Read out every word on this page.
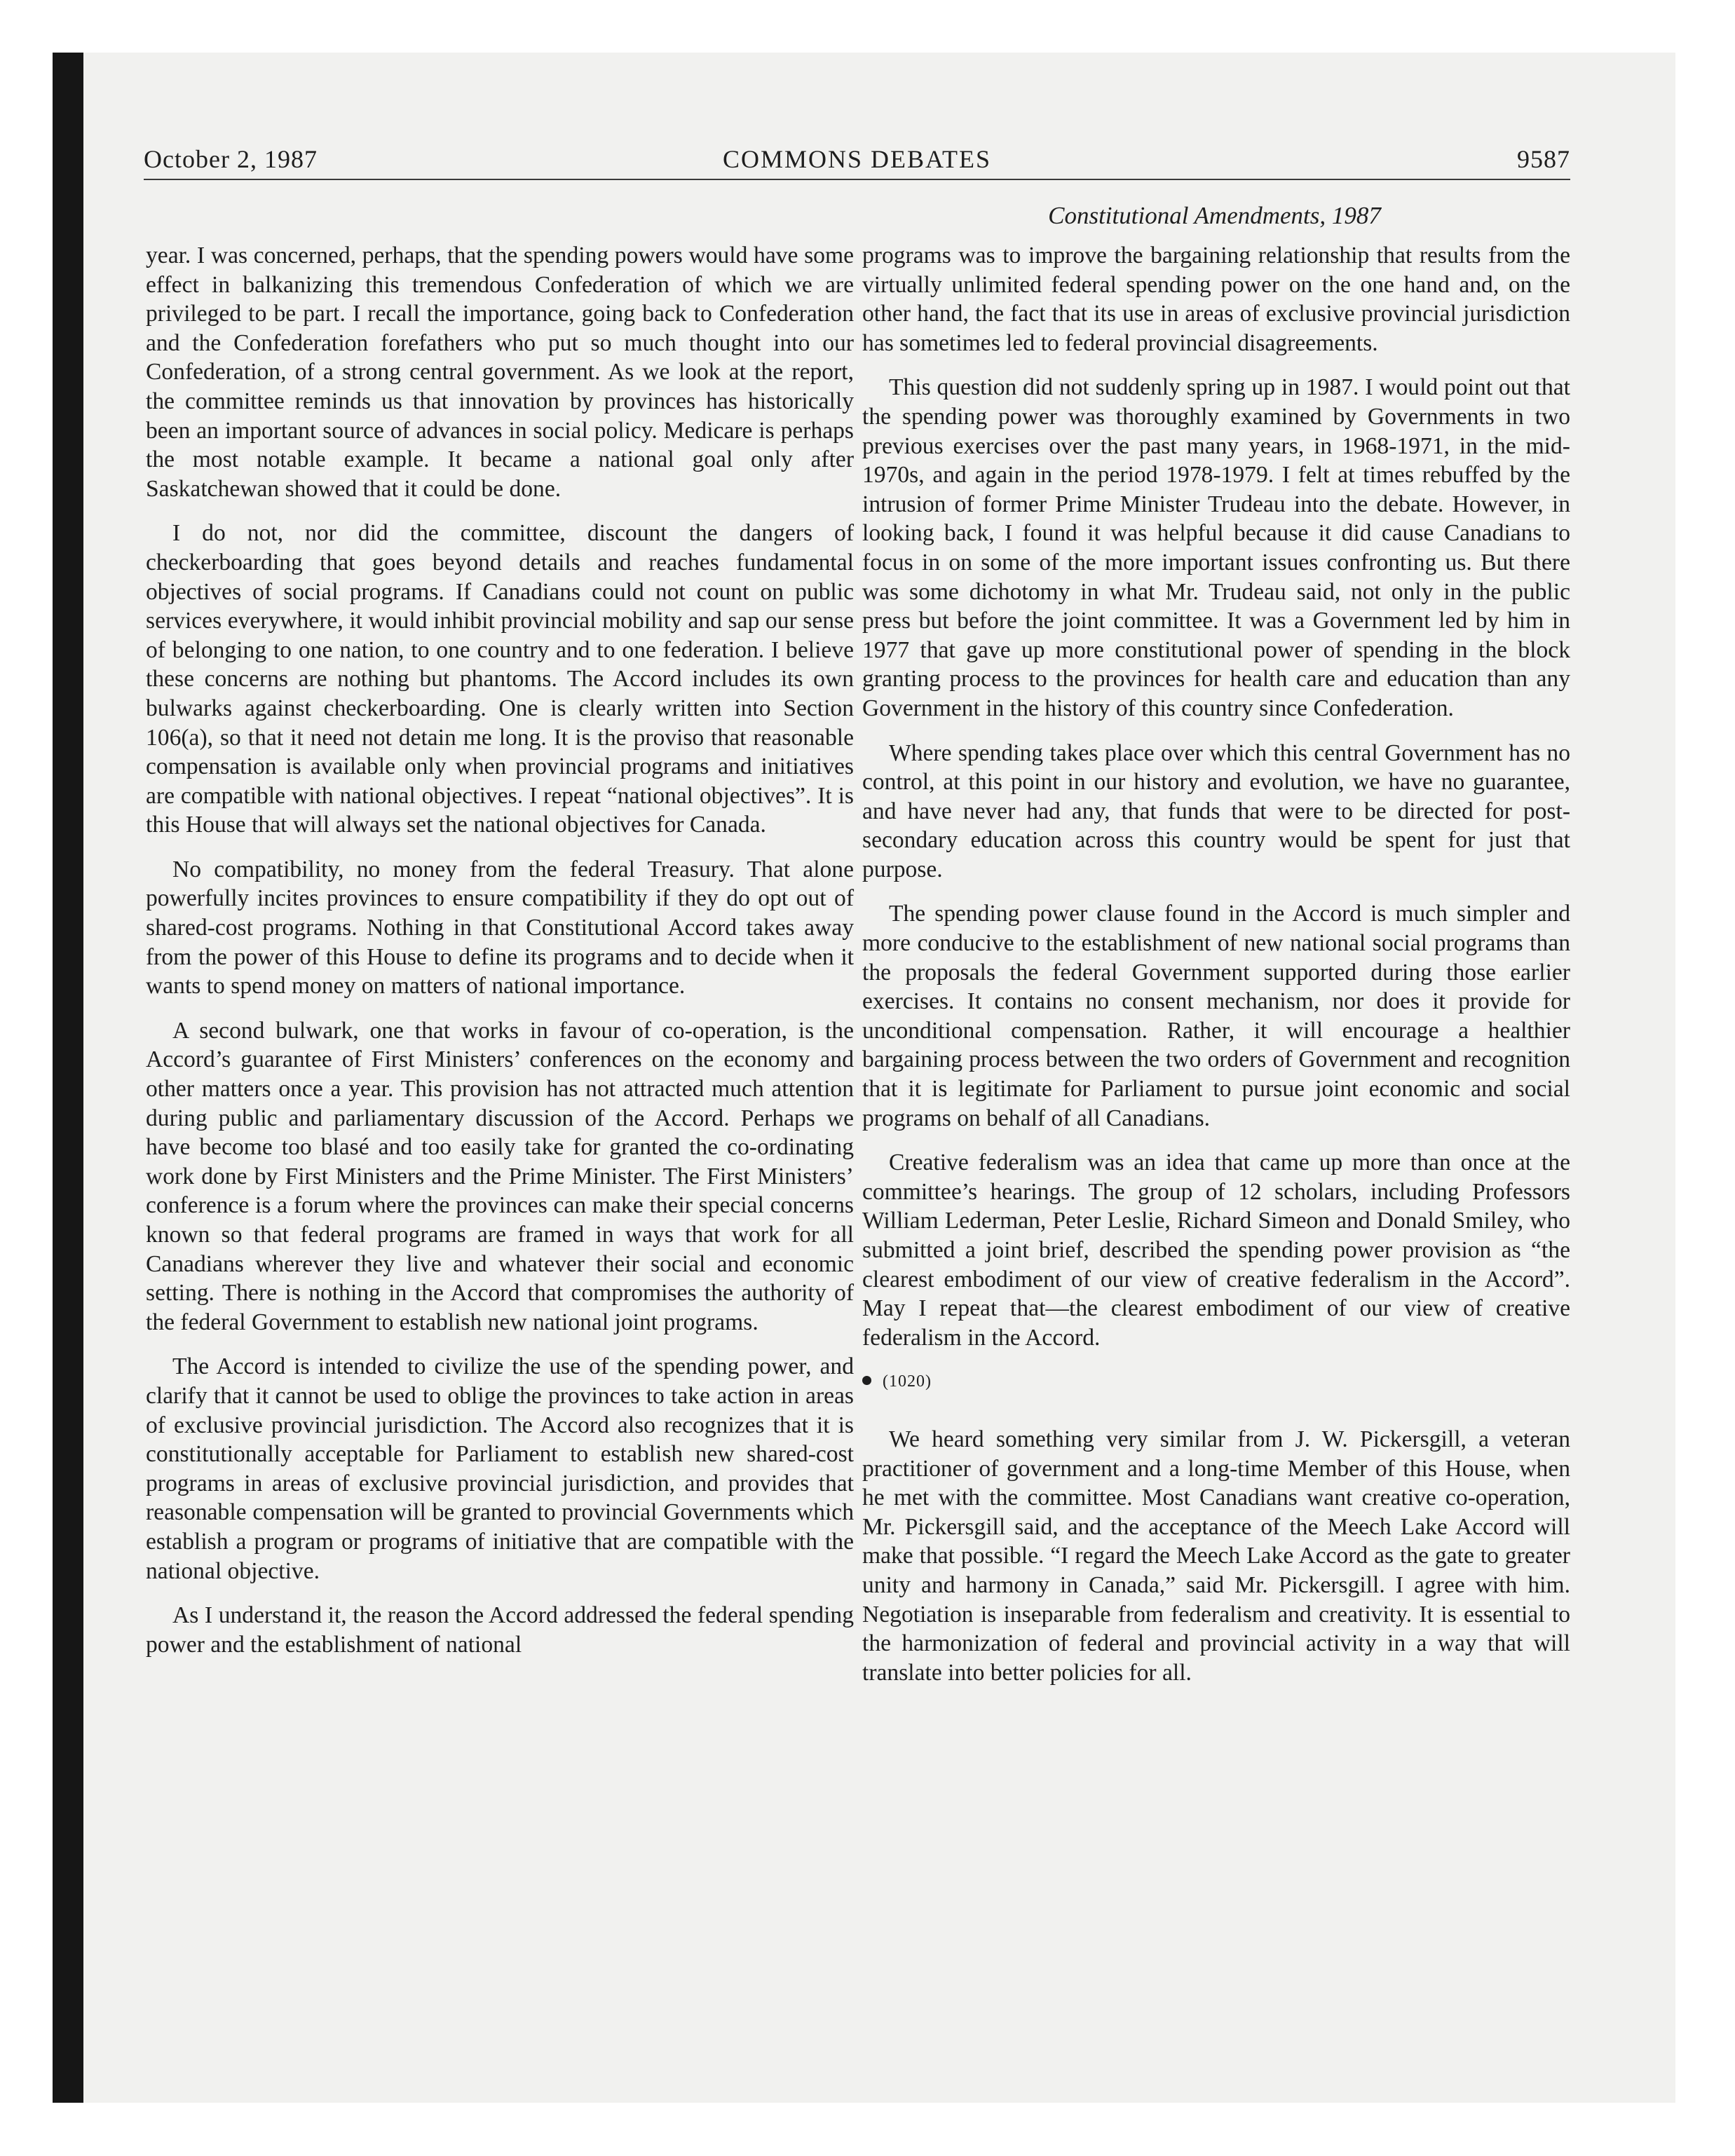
October 2, 1987	COMMONS DEBATES	9587
Constitutional Amendments, 1987

year. I was concerned, perhaps, that the spending powers would have some effect in balkanizing this tremendous Confederation of which we are privileged to be part. I recall the importance, going back to Confederation and the Confederation forefathers who put so much thought into our Confederation, of a strong central government. As we look at the report, the committee reminds us that innovation by provinces has historically been an important source of advances in social policy. Medicare is perhaps the most notable example. It became a national goal only after Saskatchewan showed that it could be done.

I do not, nor did the committee, discount the dangers of checkerboarding that goes beyond details and reaches fundamental objectives of social programs. If Canadians could not count on public services everywhere, it would inhibit provincial mobility and sap our sense of belonging to one nation, to one country and to one federation. I believe these concerns are nothing but phantoms. The Accord includes its own bulwarks against checkerboarding. One is clearly written into Section 106(a), so that it need not detain me long. It is the proviso that reasonable compensation is available only when provincial programs and initiatives are compatible with national objectives. I repeat “national objectives”. It is this House that will always set the national objectives for Canada.

No compatibility, no money from the federal Treasury. That alone powerfully incites provinces to ensure compatibility if they do opt out of shared-cost programs. Nothing in that Constitutional Accord takes away from the power of this House to define its programs and to decide when it wants to spend money on matters of national importance.

A second bulwark, one that works in favour of co-operation, is the Accord’s guarantee of First Ministers’ conferences on the economy and other matters once a year. This provision has not attracted much attention during public and parliamentary discussion of the Accord. Perhaps we have become too blasé and too easily take for granted the co-ordinating work done by First Ministers and the Prime Minister. The First Ministers’ conference is a forum where the provinces can make their special concerns known so that federal programs are framed in ways that work for all Canadians wherever they live and whatever their social and economic setting. There is nothing in the Accord that compromises the authority of the federal Government to establish new national joint programs.

The Accord is intended to civilize the use of the spending power, and clarify that it cannot be used to oblige the provinces to take action in areas of exclusive provincial jurisdiction. The Accord also recognizes that it is constitutionally acceptable for Parliament to establish new shared-cost programs in areas of exclusive provincial jurisdiction, and provides that reasonable compensation will be granted to provincial Governments which establish a program or programs of initiative that are compatible with the national objective.

As I understand it, the reason the Accord addressed the federal spending power and the establishment of national

programs was to improve the bargaining relationship that results from the virtually unlimited federal spending power on the one hand and, on the other hand, the fact that its use in areas of exclusive provincial jurisdiction has sometimes led to federal provincial disagreements.

This question did not suddenly spring up in 1987. I would point out that the spending power was thoroughly examined by Governments in two previous exercises over the past many years, in 1968-1971, in the mid-1970s, and again in the period 1978-1979. I felt at times rebuffed by the intrusion of former Prime Minister Trudeau into the debate. However, in looking back, I found it was helpful because it did cause Canadians to focus in on some of the more important issues confronting us. But there was some dichotomy in what Mr. Trudeau said, not only in the public press but before the joint committee. It was a Government led by him in 1977 that gave up more constitutional power of spending in the block granting process to the provinces for health care and education than any Government in the history of this country since Confederation.

Where spending takes place over which this central Government has no control, at this point in our history and evolution, we have no guarantee, and have never had any, that funds that were to be directed for post-secondary education across this country would be spent for just that purpose.

The spending power clause found in the Accord is much simpler and more conducive to the establishment of new national social programs than the proposals the federal Government supported during those earlier exercises. It contains no consent mechanism, nor does it provide for unconditional compensation. Rather, it will encourage a healthier bargaining process between the two orders of Government and recognition that it is legitimate for Parliament to pursue joint economic and social programs on behalf of all Canadians.

Creative federalism was an idea that came up more than once at the committee’s hearings. The group of 12 scholars, including Professors William Lederman, Peter Leslie, Richard Simeon and Donald Smiley, who submitted a joint brief, described the spending power provision as “the clearest embodiment of our view of creative federalism in the Accord”. May I repeat that—the clearest embodiment of our view of creative federalism in the Accord.

(1020)

We heard something very similar from J. W. Pickersgill, a veteran practitioner of government and a long-time Member of this House, when he met with the committee. Most Canadians want creative co-operation, Mr. Pickersgill said, and the acceptance of the Meech Lake Accord will make that possible. “I regard the Meech Lake Accord as the gate to greater unity and harmony in Canada,” said Mr. Pickersgill. I agree with him. Negotiation is inseparable from federalism and creativity. It is essential to the harmonization of federal and provincial activity in a way that will translate into better policies for all.
